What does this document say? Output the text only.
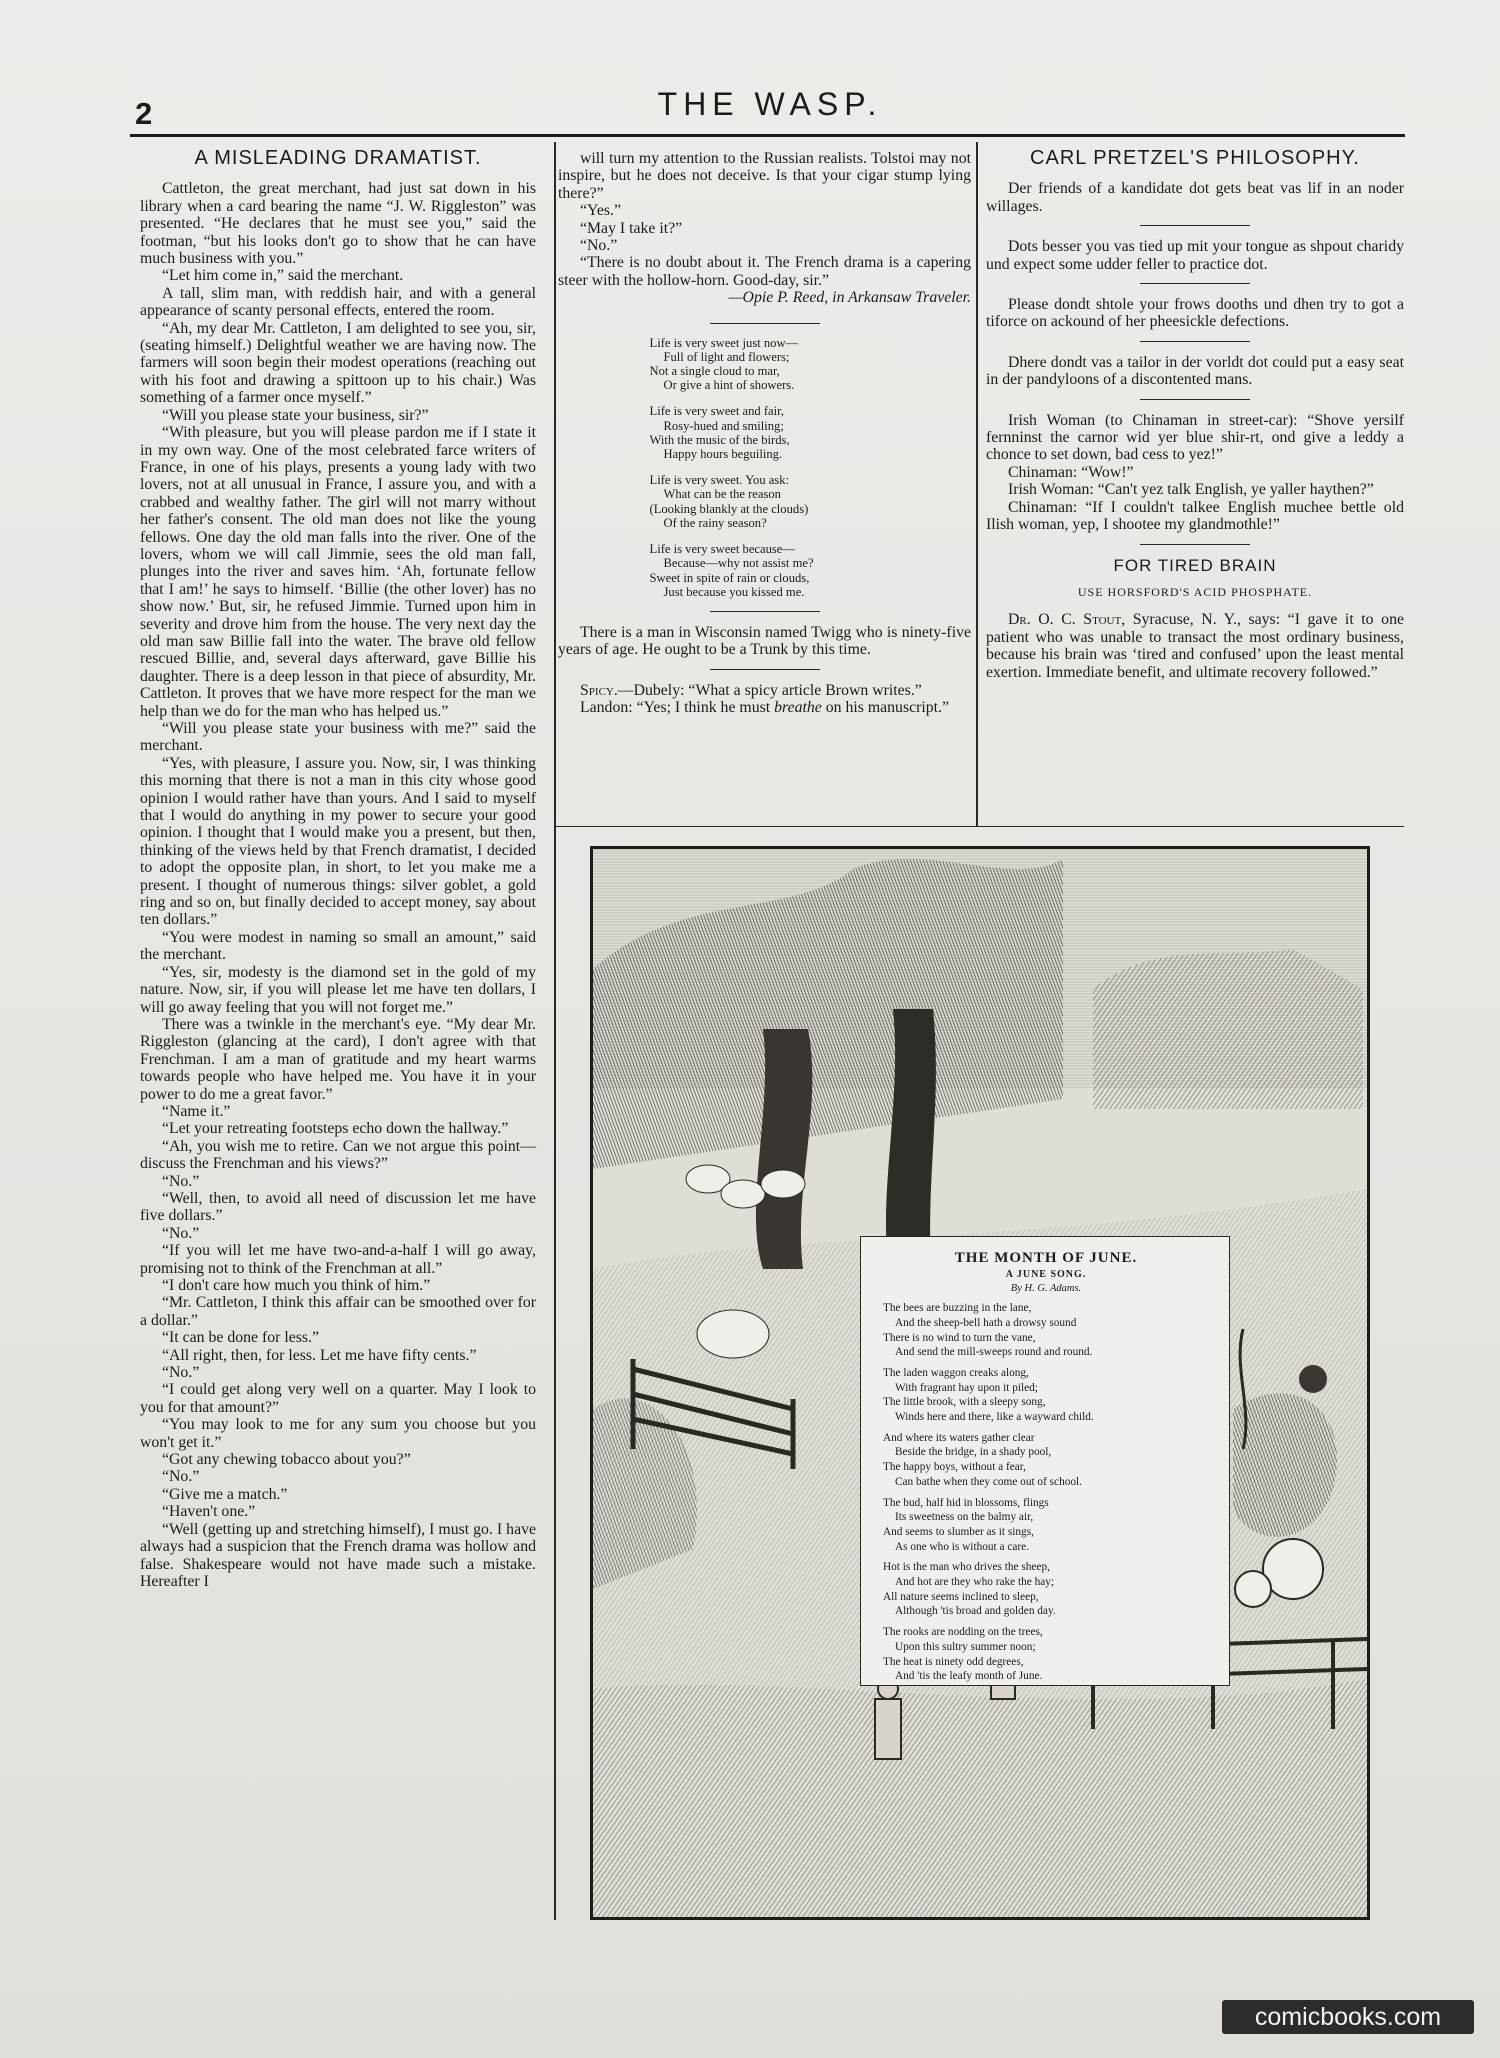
2	THE WASP.
A MISLEADING DRAMATIST.

Cattleton, the great merchant, had just sat down in his library when a card bearing the name “J. W. Riggleston” was presented. “He declares that he must see you,” said the footman, “but his looks don't go to show that he can have much business with you.”

“Let him come in,” said the merchant.

A tall, slim man, with reddish hair, and with a general appearance of scanty personal effects, entered the room.

“Ah, my dear Mr. Cattleton, I am delighted to see you, sir, (seating himself.) Delightful weather we are having now. The farmers will soon begin their modest operations (reaching out with his foot and drawing a spittoon up to his chair.) Was something of a farmer once myself.”

“Will you please state your business, sir?”

“With pleasure, but you will please pardon me if I state it in my own way. One of the most celebrated farce writers of France, in one of his plays, presents a young lady with two lovers, not at all unusual in France, I assure you, and with a crabbed and wealthy father. The girl will not marry without her father's consent. The old man does not like the young fellows. One day the old man falls into the river. One of the lovers, whom we will call Jimmie, sees the old man fall, plunges into the river and saves him. ‘Ah, fortunate fellow that I am!’ he says to himself. ‘Billie (the other lover) has no show now.’ But, sir, he refused Jimmie. Turned upon him in severity and drove him from the house. The very next day the old man saw Billie fall into the water. The brave old fellow rescued Billie, and, several days afterward, gave Billie his daughter. There is a deep lesson in that piece of absurdity, Mr. Cattleton. It proves that we have more respect for the man we help than we do for the man who has helped us.”

“Will you please state your business with me?” said the merchant.

“Yes, with pleasure, I assure you. Now, sir, I was thinking this morning that there is not a man in this city whose good opinion I would rather have than yours. And I said to myself that I would do anything in my power to secure your good opinion. I thought that I would make you a present, but then, thinking of the views held by that French dramatist, I decided to adopt the opposite plan, in short, to let you make me a present. I thought of numerous things: silver goblet, a gold ring and so on, but finally decided to accept money, say about ten dollars.”

“You were modest in naming so small an amount,” said the merchant.

“Yes, sir, modesty is the diamond set in the gold of my nature. Now, sir, if you will please let me have ten dollars, I will go away feeling that you will not forget me.”

There was a twinkle in the merchant's eye. “My dear Mr. Riggleston (glancing at the card), I don't agree with that Frenchman. I am a man of gratitude and my heart warms towards people who have helped me. You have it in your power to do me a great favor.”

“Name it.”

“Let your retreating footsteps echo down the hallway.”

“Ah, you wish me to retire. Can we not argue this point—discuss the Frenchman and his views?”

“No.”

“Well, then, to avoid all need of discussion let me have five dollars.”

“No.”

“If you will let me have two-and-a-half I will go away, promising not to think of the Frenchman at all.”

“I don't care how much you think of him.”

“Mr. Cattleton, I think this affair can be smoothed over for a dollar.”

“It can be done for less.”

“All right, then, for less. Let me have fifty cents.”

“No.”

“I could get along very well on a quarter. May I look to you for that amount?”

“You may look to me for any sum you choose but you won't get it.”

“Got any chewing tobacco about you?”

“No.”

“Give me a match.”

“Haven't one.”

“Well (getting up and stretching himself), I must go. I have always had a suspicion that the French drama was hollow and false. Shakespeare would not have made such a mistake. Hereafter I

will turn my attention to the Russian realists. Tolstoi may not inspire, but he does not deceive. Is that your cigar stump lying there?”

“Yes.”

“May I take it?”

“No.”

“There is no doubt about it. The French drama is a capering steer with the hollow-horn. Good-day, sir.”

—Opie P. Reed, in Arkansaw Traveler.

Life is very sweet just now—
Full of light and flowers;
Not a single cloud to mar,
Or give a hint of showers.
Life is very sweet and fair,
Rosy-hued and smiling;
With the music of the birds,
Happy hours beguiling.
Life is very sweet. You ask:
What can be the reason
(Looking blankly at the clouds)
Of the rainy season?
Life is very sweet because—
Because—why not assist me?
Sweet in spite of rain or clouds,
Just because you kissed me.

There is a man in Wisconsin named Twigg who is ninety-five years of age. He ought to be a Trunk by this time.

Spicy.—Dubely: “What a spicy article Brown writes.”

Landon: “Yes; I think he must breathe on his manuscript.”

CARL PRETZEL'S PHILOSOPHY.

Der friends of a kandidate dot gets beat vas lif in an noder willages.

Dots besser you vas tied up mit your tongue as shpout charidy und expect some udder feller to practice dot.

Please dondt shtole your frows dooths und dhen try to got a tiforce on ackound of her pheesickle defections.

Dhere dondt vas a tailor in der vorldt dot could put a easy seat in der pandyloons of a discontented mans.

Irish Woman (to Chinaman in street-car): “Shove yersilf fernninst the carnor wid yer blue shir-rt, ond give a leddy a chonce to set down, bad cess to yez!”

Chinaman: “Wow!”

Irish Woman: “Can't yez talk English, ye yaller haythen?”

Chinaman: “If I couldn't talkee English muchee bettle old Ilish woman, yep, I shootee my glandmothle!”

FOR TIRED BRAIN
USE HORSFORD'S ACID PHOSPHATE.

Dr. O. C. Stout, Syracuse, N. Y., says: “I gave it to one patient who was unable to transact the most ordinary business, because his brain was ‘tired and confused’ upon the least mental exertion. Immediate benefit, and ultimate recovery followed.”

THE MONTH OF JUNE.
A JUNE SONG.
By H. G. Adams.
The bees are buzzing in the lane,
And the sheep-bell hath a drowsy sound
There is no wind to turn the vane,
And send the mill-sweeps round and round.
The laden waggon creaks along,
With fragrant hay upon it piled;
The little brook, with a sleepy song,
Winds here and there, like a wayward child.
And where its waters gather clear
Beside the bridge, in a shady pool,
The happy boys, without a fear,
Can bathe when they come out of school.
The bud, half hid in blossoms, flings
Its sweetness on the balmy air,
And seems to slumber as it sings,
As one who is without a care.
Hot is the man who drives the sheep,
And hot are they who rake the hay;
All nature seems inclined to sleep,
Although 'tis broad and golden day.
The rooks are nodding on the trees,
Upon this sultry summer noon;
The heat is ninety odd degrees,
And 'tis the leafy month of June.
comicbooks.com
